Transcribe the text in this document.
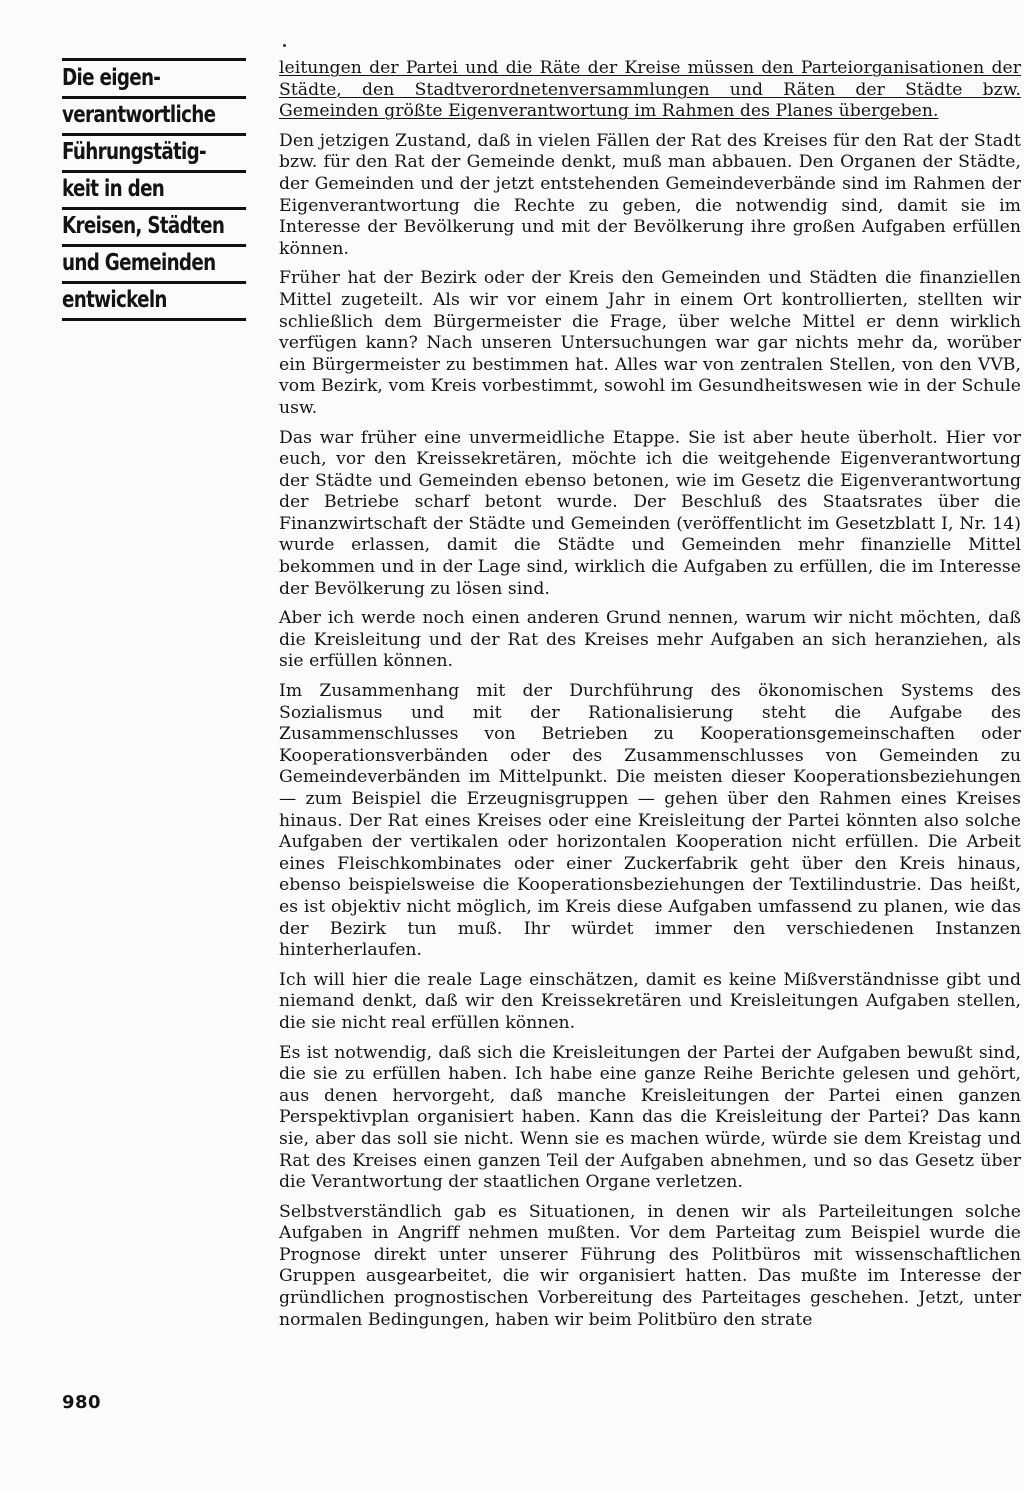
Die eigen-
verantwortliche
Führungstätig-
keit in den
Kreisen, Städten
und Gemeinden
entwickeln

leitungen der Partei und die Räte der Kreise müssen den Parteiorganisationen der Städte, den Stadtverordnetenversammlungen und Räten der Städte bzw. Gemeinden größte Eigenverantwortung im Rahmen des Planes übergeben.

Den jetzigen Zustand, daß in vielen Fällen der Rat des Kreises für den Rat der Stadt bzw. für den Rat der Gemeinde denkt, muß man abbauen. Den Organen der Städte, der Gemeinden und der jetzt entstehenden Gemeindeverbände sind im Rahmen der Eigenverantwortung die Rechte zu geben, die notwendig sind, damit sie im Interesse der Bevölkerung und mit der Bevölkerung ihre großen Aufgaben erfüllen können.

Früher hat der Bezirk oder der Kreis den Gemeinden und Städten die finanziellen Mittel zugeteilt. Als wir vor einem Jahr in einem Ort kontrollierten, stellten wir schließlich dem Bürgermeister die Frage, über welche Mittel er denn wirklich verfügen kann? Nach unseren Untersuchungen war gar nichts mehr da, worüber ein Bürgermeister zu bestimmen hat. Alles war von zentralen Stellen, von den VVB, vom Bezirk, vom Kreis vorbestimmt, sowohl im Gesundheitswesen wie in der Schule usw.

Das war früher eine unvermeidliche Etappe. Sie ist aber heute überholt. Hier vor euch, vor den Kreissekretären, möchte ich die weitgehende Eigenverantwortung der Städte und Gemeinden ebenso betonen, wie im Gesetz die Eigenverantwortung der Betriebe scharf betont wurde. Der Beschluß des Staatsrates über die Finanzwirtschaft der Städte und Gemeinden (veröffentlicht im Gesetzblatt I, Nr. 14) wurde erlassen, damit die Städte und Gemeinden mehr finanzielle Mittel bekommen und in der Lage sind, wirklich die Aufgaben zu erfüllen, die im Interesse der Bevölkerung zu lösen sind.

Aber ich werde noch einen anderen Grund nennen, warum wir nicht möchten, daß die Kreisleitung und der Rat des Kreises mehr Aufgaben an sich heranziehen, als sie erfüllen können.

Im Zusammenhang mit der Durchführung des ökonomischen Systems des Sozialismus und mit der Rationalisierung steht die Aufgabe des Zusammenschlusses von Betrieben zu Kooperationsgemeinschaften oder Kooperationsverbänden oder des Zusammenschlusses von Gemeinden zu Gemeindeverbänden im Mittelpunkt. Die meisten dieser Kooperationsbeziehungen — zum Beispiel die Erzeugnisgruppen — gehen über den Rahmen eines Kreises hinaus. Der Rat eines Kreises oder eine Kreisleitung der Partei könnten also solche Aufgaben der vertikalen oder horizontalen Kooperation nicht erfüllen. Die Arbeit eines Fleischkombinates oder einer Zuckerfabrik geht über den Kreis hinaus, ebenso beispielsweise die Kooperationsbeziehungen der Textilindustrie. Das heißt, es ist objektiv nicht möglich, im Kreis diese Aufgaben umfassend zu planen, wie das der Bezirk tun muß. Ihr würdet immer den verschiedenen Instanzen hinterherlaufen.

Ich will hier die reale Lage einschätzen, damit es keine Mißverständnisse gibt und niemand denkt, daß wir den Kreissekretären und Kreisleitungen Aufgaben stellen, die sie nicht real erfüllen können.

Es ist notwendig, daß sich die Kreisleitungen der Partei der Aufgaben bewußt sind, die sie zu erfüllen haben. Ich habe eine ganze Reihe Berichte gelesen und gehört, aus denen hervorgeht, daß manche Kreisleitungen der Partei einen ganzen Perspektivplan organisiert haben. Kann das die Kreisleitung der Partei? Das kann sie, aber das soll sie nicht. Wenn sie es machen würde, würde sie dem Kreistag und Rat des Kreises einen ganzen Teil der Aufgaben abnehmen, und so das Gesetz über die Verantwortung der staatlichen Organe verletzen.

Selbstverständlich gab es Situationen, in denen wir als Parteileitungen solche Aufgaben in Angriff nehmen mußten. Vor dem Parteitag zum Beispiel wurde die Prognose direkt unter unserer Führung des Politbüros mit wissenschaftlichen Gruppen ausgearbeitet, die wir organisiert hatten. Das mußte im Interesse der gründlichen prognostischen Vorbereitung des Parteitages geschehen. Jetzt, unter normalen Bedingungen, haben wir beim Politbüro den strate

980
